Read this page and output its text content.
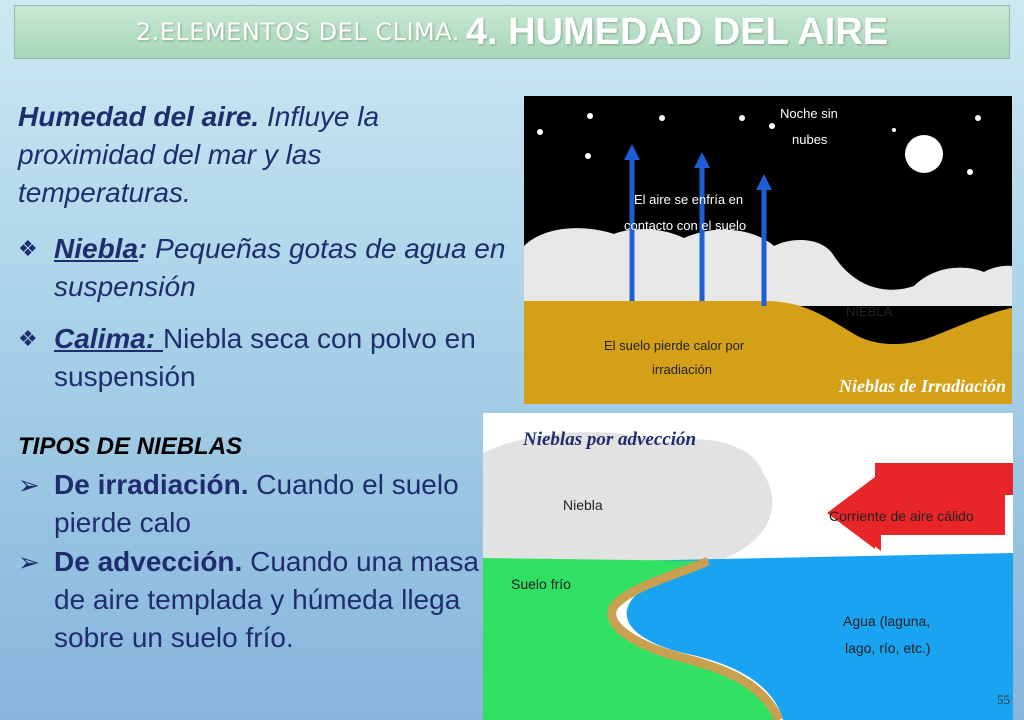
2.ELEMENTOS DEL CLIMA. 4. HUMEDAD DEL AIRE
Humedad del aire. Influye la proximidad del mar y las temperaturas.
❖ Niebla: Pequeñas gotas de agua en suspensión
❖ Calima: Niebla seca con polvo en suspensión
TIPOS DE NIEBLAS
➢ De irradiación. Cuando el suelo pierde calo
➢ De advección. Cuando una masa de aire templada y húmeda llega sobre un suelo frío.
Noche sin
nubes
El aire se enfría en
contacto con el suelo
NIEBLA
El suelo pierde calor por
irradiación
Nieblas de Irradiación
Nieblas por advección
Niebla
Corriente de aire cálido
Suelo frío
Agua (laguna,
lago, río, etc.)
55
